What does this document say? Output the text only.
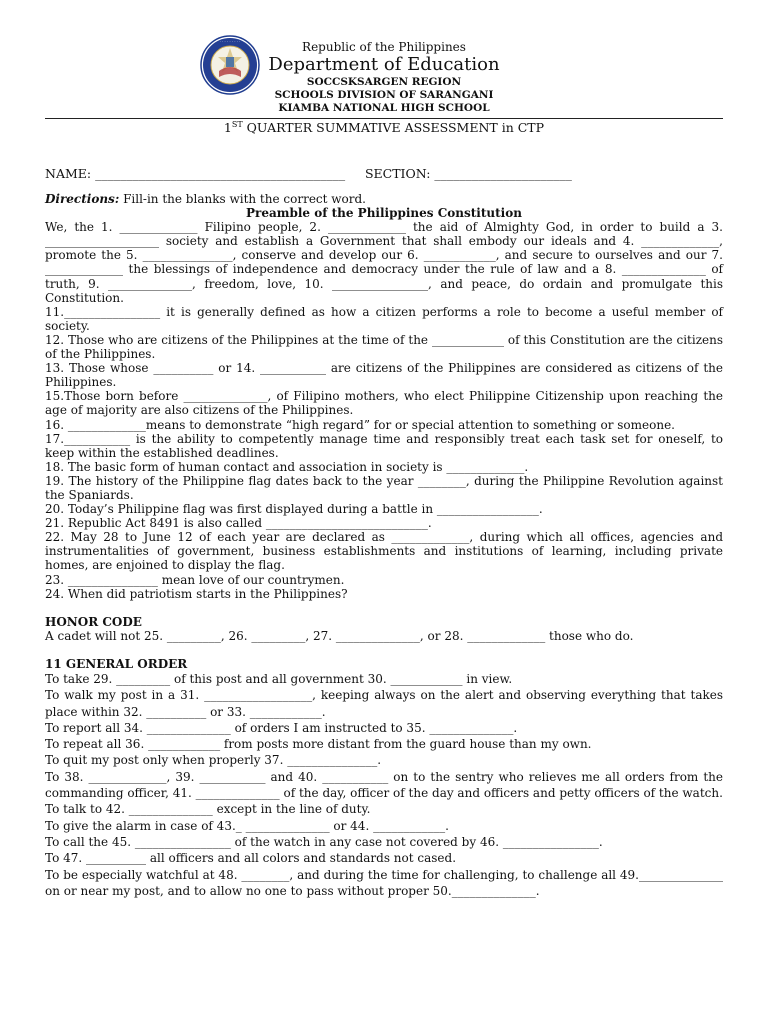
· · · · · · · · ·	Republic of the Philippines
Department of Education
SOCCSKSARGEN REGION
SCHOOLS DIVISION OF SARANGANI
KIAMBA NATIONAL HIGH SCHOOL
1ST QUARTER SUMMATIVE ASSESSMENT in CTP
NAME: ________________________________________     SECTION: ______________________

Directions: Fill-in the blanks with the correct word.

Preamble of the Philippines Constitution

We, the 1. _____________ Filipino people, 2. _____________ the aid of Almighty God, in order to build a 3. ___________________ society and establish a Government that shall embody our ideals and 4. _____________, promote the 5. _______________, conserve and develop our 6. ____________, and secure to ourselves and our 7. _____________ the blessings of independence and democracy under the rule of law and a 8. ______________ of truth, 9. ______________, freedom, love, 10. ________________, and peace, do ordain and promulgate this Constitution.

11.________________ it is generally defined as how a citizen performs a role to become a useful member of society.

12. Those who are citizens of the Philippines at the time of the ____________ of this Constitution are the citizens of the Philippines.

13. Those whose __________ or 14. ___________ are citizens of the Philippines are considered as citizens of the Philippines.

15.Those born before ______________, of Filipino mothers, who elect Philippine Citizenship upon reaching the age of majority are also citizens of the Philippines.

16. _____________means to demonstrate “high regard” for or special attention to something or someone.

17.___________ is the ability to competently manage time and responsibly treat each task set for oneself, to keep within the established deadlines.

18. The basic form of human contact and association in society is _____________.

19. The history of the Philippine flag dates back to the year ________, during the Philippine Revolution against the Spaniards.

20. Today’s Philippine flag was first displayed during a battle in _________________.

21. Republic Act 8491 is also called ___________________________.

22. May 28 to June 12 of each year are declared as _____________, during which all offices, agencies and instrumentalities of government, business establishments and institutions of learning, including private homes, are enjoined to display the flag.

23. _______________ mean love of our countrymen.

24. When did patriotism starts in the Philippines?

HONOR CODE

A cadet will not 25. _________, 26. _________, 27. ______________, or 28. _____________ those who do.

11 GENERAL ORDER

To take 29. _________ of this post and all government 30. ____________ in view.

To walk my post in a 31. __________________, keeping always on the alert and observing everything that takes place within 32. __________ or 33. ____________.

To report all 34. ______________ of orders I am instructed to 35. ______________.

To repeat all 36. ____________ from posts more distant from the guard house than my own.

To quit my post only when properly 37. _______________.

To 38. _____________, 39. ___________ and 40. ___________ on to the sentry who relieves me all orders from the commanding officer, 41. ______________ of the day, officer of the day and officers and petty officers of the watch.

To talk to 42. ______________ except in the line of duty.

To give the alarm in case of 43._ ______________ or 44. ____________.

To call the 45. ________________ of the watch in any case not covered by 46. ________________.

To 47. __________ all officers and all colors and standards not cased.

To be especially watchful at 48. ________, and during the time for challenging, to challenge all 49.______________ on or near my post, and to allow no one to pass without proper 50.______________.
